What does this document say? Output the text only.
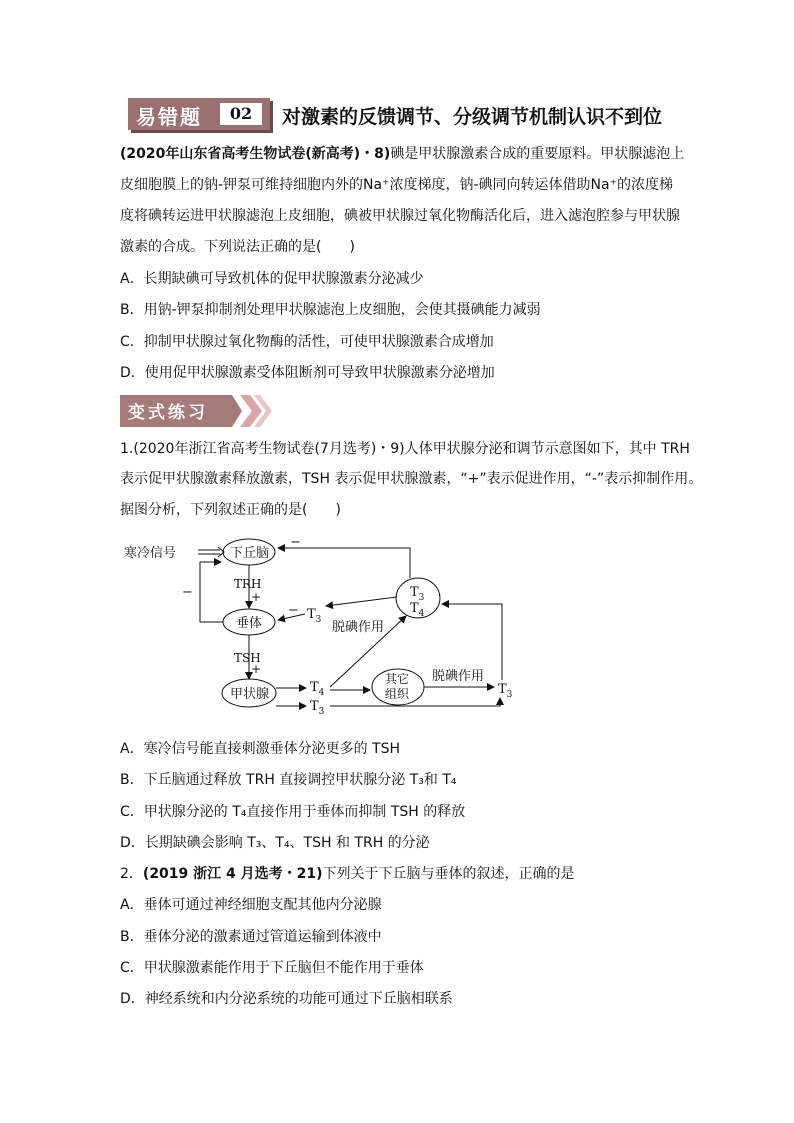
易错题	02	对激素的反馈调节、分级调节机制认识不到位
(2020年山东省高考生物试卷(新高考)・8)碘是甲状腺激素合成的重要原料。甲状腺滤泡上
皮细胞膜上的钠-钾泵可维持细胞内外的Na⁺浓度梯度，钠-碘同向转运体借助Na⁺的浓度梯
度将碘转运进甲状腺滤泡上皮细胞，碘被甲状腺过氧化物酶活化后，进入滤泡腔参与甲状腺
激素的合成。下列说法正确的是(　　)
A．长期缺碘可导致机体的促甲状腺激素分泌减少
B．用钠-钾泵抑制剂处理甲状腺滤泡上皮细胞，会使其摄碘能力减弱
C．抑制甲状腺过氧化物酶的活性，可使甲状腺激素合成增加
D．使用促甲状腺激素受体阻断剂可导致甲状腺激素分泌增加
变式练习
1.(2020年浙江省高考生物试卷(7月选考)・9)人体甲状腺分泌和调节示意图如下，其中 TRH
表示促甲状腺激素释放激素，TSH 表示促甲状腺激素，“+”表示促进作用，“-”表示抑制作用。
据图分析，下列叙述正确的是(　　)
寒冷信号	下丘脑
−
TRH
+
−
垂体
− $T_3$ 脱碘作用
TSH
+
甲状腺	$T_4$
$T_3$
$T_3$
$T_4$
其它
组织
脱碘作用
$T_3$
A．寒冷信号能直接刺激垂体分泌更多的 TSH
B．下丘脑通过释放 TRH 直接调控甲状腺分泌 T₃和 T₄
C．甲状腺分泌的 T₄直接作用于垂体而抑制 TSH 的释放
D．长期缺碘会影响 T₃、T₄、TSH 和 TRH 的分泌
2．(2019 浙江 4 月选考・21)下列关于下丘脑与垂体的叙述，正确的是
A．垂体可通过神经细胞支配其他内分泌腺
B．垂体分泌的激素通过管道运输到体液中
C．甲状腺激素能作用于下丘脑但不能作用于垂体
D．神经系统和内分泌系统的功能可通过下丘脑相联系
